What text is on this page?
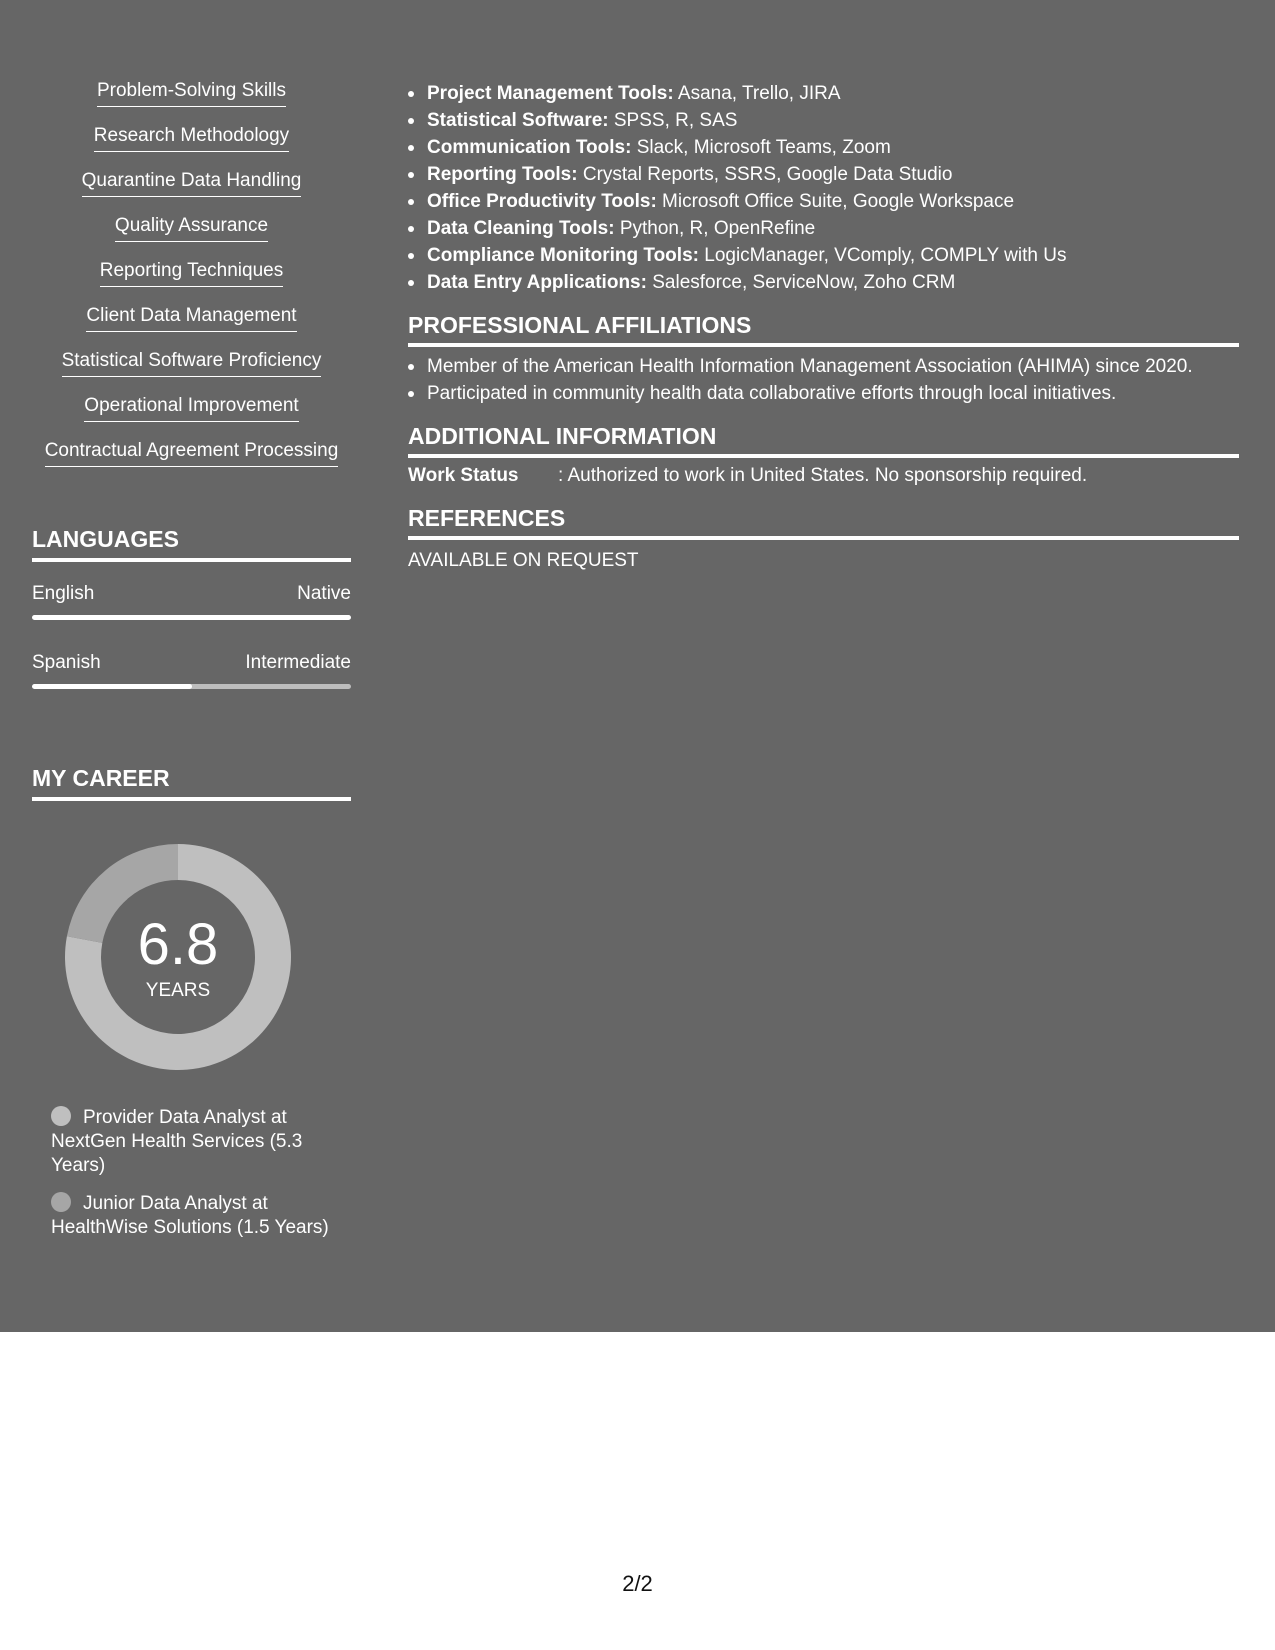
Problem-Solving Skills
Research Methodology
Quarantine Data Handling
Quality Assurance
Reporting Techniques
Client Data Management
Statistical Software Proficiency
Operational Improvement
Contractual Agreement Processing
LANGUAGES
English	Native
Spanish	Intermediate
MY CAREER
6.8
YEARS
Provider Data Analyst at NextGen Health Services (5.3 Years)
Junior Data Analyst at HealthWise Solutions (1.5 Years)
Project Management Tools: Asana, Trello, JIRA
Statistical Software: SPSS, R, SAS
Communication Tools: Slack, Microsoft Teams, Zoom
Reporting Tools: Crystal Reports, SSRS, Google Data Studio
Office Productivity Tools: Microsoft Office Suite, Google Workspace
Data Cleaning Tools: Python, R, OpenRefine
Compliance Monitoring Tools: LogicManager, VComply, COMPLY with Us
Data Entry Applications: Salesforce, ServiceNow, Zoho CRM
PROFESSIONAL AFFILIATIONS
Member of the American Health Information Management Association (AHIMA) since 2020.
Participated in community health data collaborative efforts through local initiatives.
ADDITIONAL INFORMATION
Work Status	: Authorized to work in United States. No sponsorship required.
REFERENCES
AVAILABLE ON REQUEST
2/2
